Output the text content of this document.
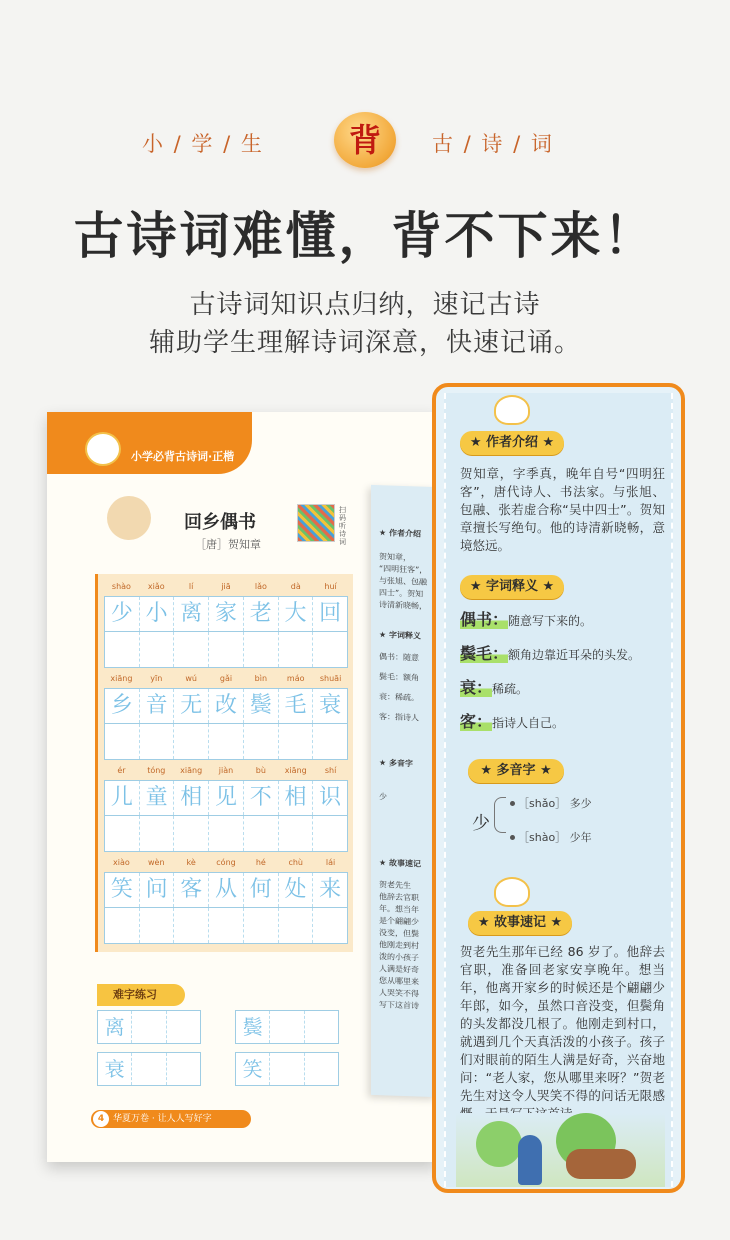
小 / 学 / 生	背	古 / 诗 / 词
古诗词难懂，背不下来！
古诗词知识点归纳，速记古诗
辅助学生理解诗词深意，快速记诵。
小学必背古诗词·正楷
回乡偶书
［唐］贺知章
扫码听诗词
shào	xiǎo	lí	jiā	lǎo	dà	huí
少 小 离 家 老 大 回
xiāng	yīn	wú	gǎi	bìn	máo	shuāi
乡 音 无 改 鬓 毛 衰
ér	tóng	xiāng	jiàn	bù	xiāng	shí
儿 童 相 见 不 相 识
xiào	wèn	kè	cóng	hé	chù	lái
笑 问 客 从 何 处 来
难字练习
离	鬓
衰	笑
华夏万卷 · 让人人写好字
4
★ 作者介绍
贺知章，
“四明狂客”，
与张旭、包融
四士”。贺知
诗清新晓畅，
★ 字词释义
偶书：随意
鬓毛：额角
衰：稀疏。
客：指诗人
★ 多音字
少
★ 故事速记
贺老先生
他辞去官职
年。想当年
是个翩翩少
没变，但鬓
他刚走到村
泼的小孩子
人满是好奇
您从哪里来
人哭笑不得
写下这首诗
★ 作者介绍 ★
贺知章，字季真，晚年自号“四明狂客”，唐代诗人、书法家。与张旭、包融、张若虚合称“吴中四士”。贺知章擅长写绝句。他的诗清新晓畅，意境悠远。
★ 字词释义 ★
偶书：随意写下来的。
鬓毛：额角边靠近耳朵的头发。
衰：稀疏。
客：指诗人自己。
★ 多音字 ★
少
［shǎo］ 多少
［shào］ 少年
★ 故事速记 ★
贺老先生那年已经 86 岁了。他辞去官职，准备回老家安享晚年。想当年，他离开家乡的时候还是个翩翩少年郎，如今，虽然口音没变，但鬓角的头发都没几根了。他刚走到村口，就遇到几个天真活泼的小孩子。孩子们对眼前的陌生人满是好奇，兴奋地问：“老人家，您从哪里来呀？”贺老先生对这令人哭笑不得的问话无限感
